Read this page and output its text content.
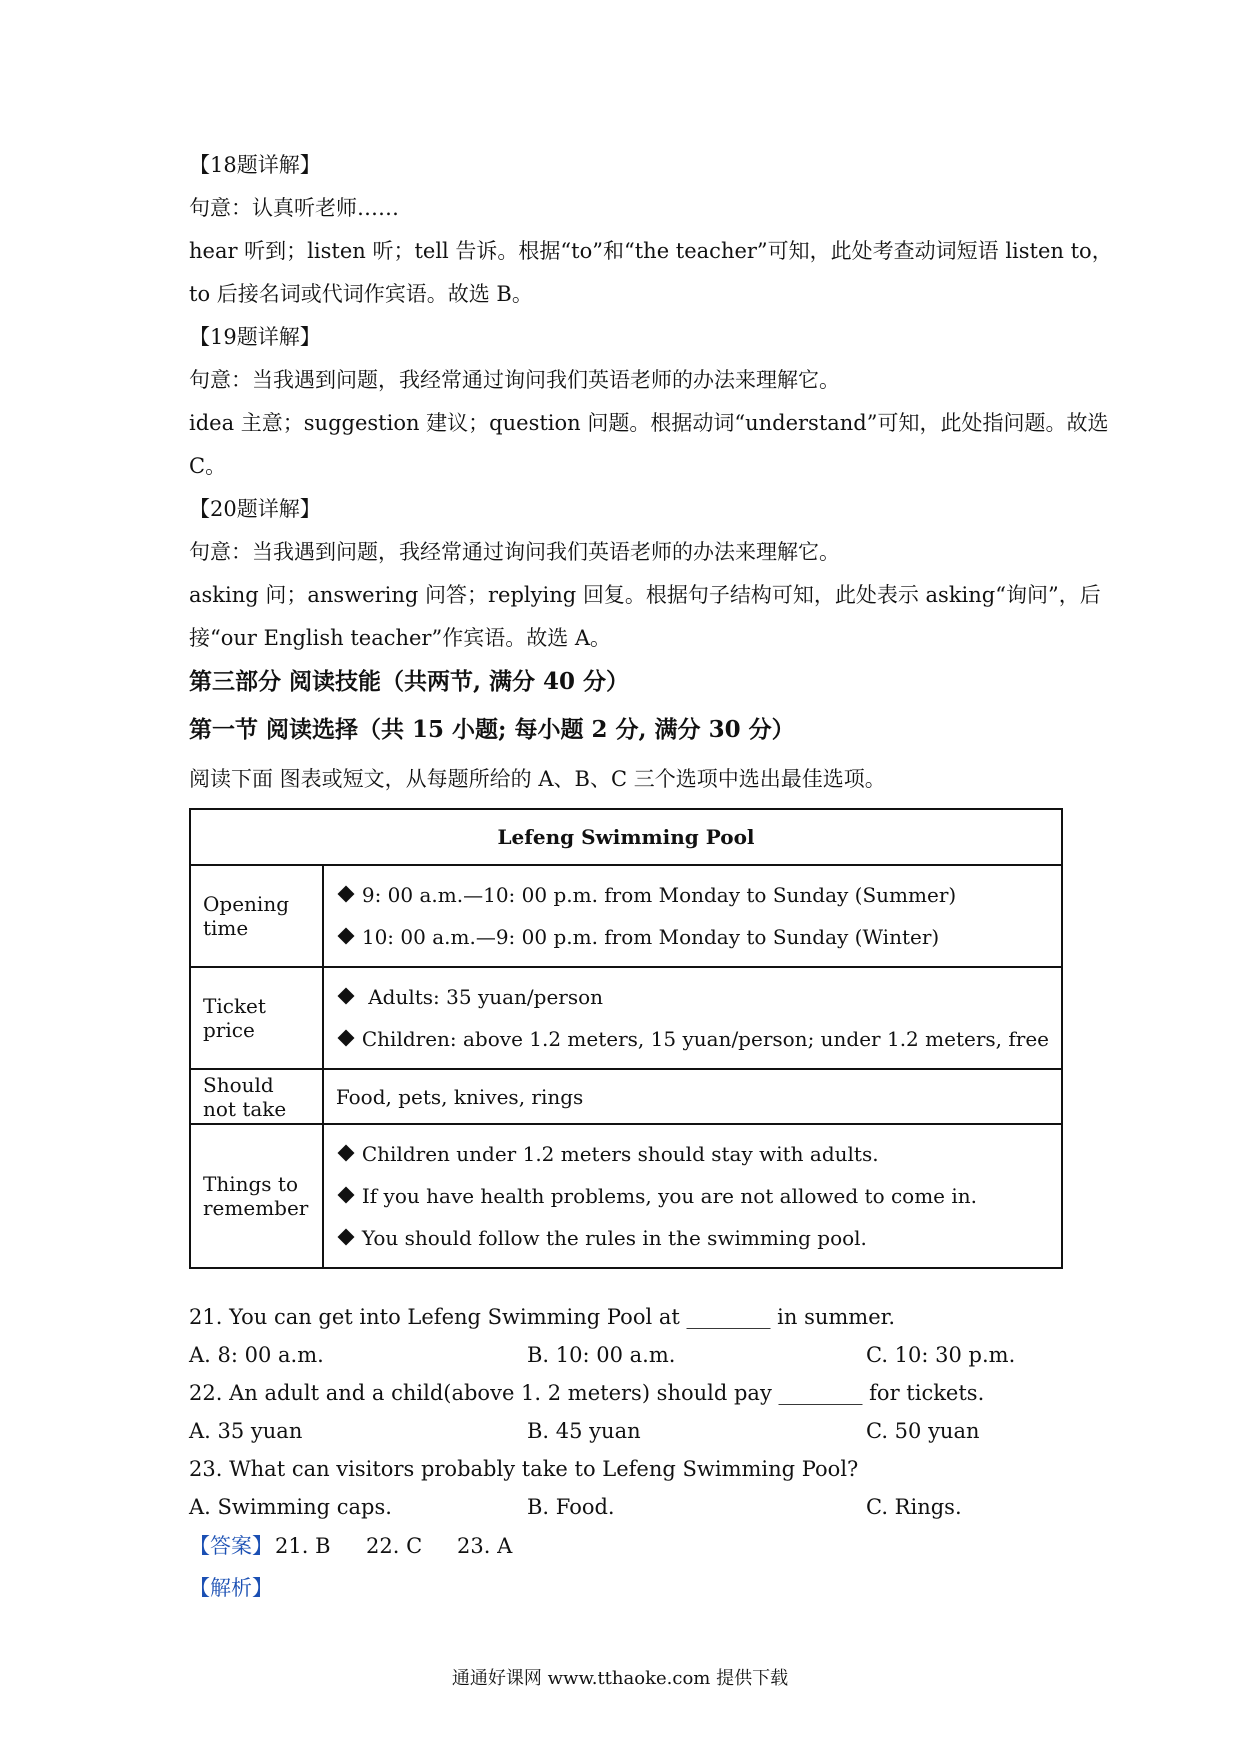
【18题详解】
句意：认真听老师……
hear 听到；listen 听；tell 告诉。根据“to”和“the teacher”可知，此处考查动词短语 listen to，
to 后接名词或代词作宾语。故选 B。
【19题详解】
句意：当我遇到问题，我经常通过询问我们英语老师的办法来理解它。
idea 主意；suggestion 建议；question 问题。根据动词“understand”可知，此处指问题。故选
C。
【20题详解】
句意：当我遇到问题，我经常通过询问我们英语老师的办法来理解它。
asking 问；answering 问答；replying 回复。根据句子结构可知，此处表示 asking“询问”，后
接“our English teacher”作宾语。故选 A。
第三部分 阅读技能（共两节, 满分 40 分）
第一节 阅读选择（共 15 小题; 每小题 2 分, 满分 30 分）
阅读下面 图表或短文，从每题所给的 A、B、C 三个选项中选出最佳选项。
Lefeng Swimming Pool	
Opening time	9: 00 a.m.—10: 00 p.m. from Monday to Sunday (Summer)
10: 00 a.m.—9: 00 p.m. from Monday to Sunday (Winter)

Ticket price	Adults: 35 yuan/person
Children: above 1.2 meters, 15 yuan/person; under 1.2 meters, free

Should not take	Food, pets, knives, rings
Things to remember	Children under 1.2 meters should stay with adults.
If you have health problems, you are not allowed to come in.
You should follow the rules in the swimming pool.
21. You can get into Lefeng Swimming Pool at ________ in summer.
A. 8: 00 a.m.	B. 10: 00 a.m.	C. 10: 30 p.m.
22. An adult and a child(above 1. 2 meters) should pay ________ for tickets.
A. 35 yuan	B. 45 yuan	C. 50 yuan
23. What can visitors probably take to Lefeng Swimming Pool?
A. Swimming caps.	B. Food.	C. Rings.
【答案】 21. B 22. C 23. A
【解析】
通通好课网 www.tthaoke.com 提供下载
